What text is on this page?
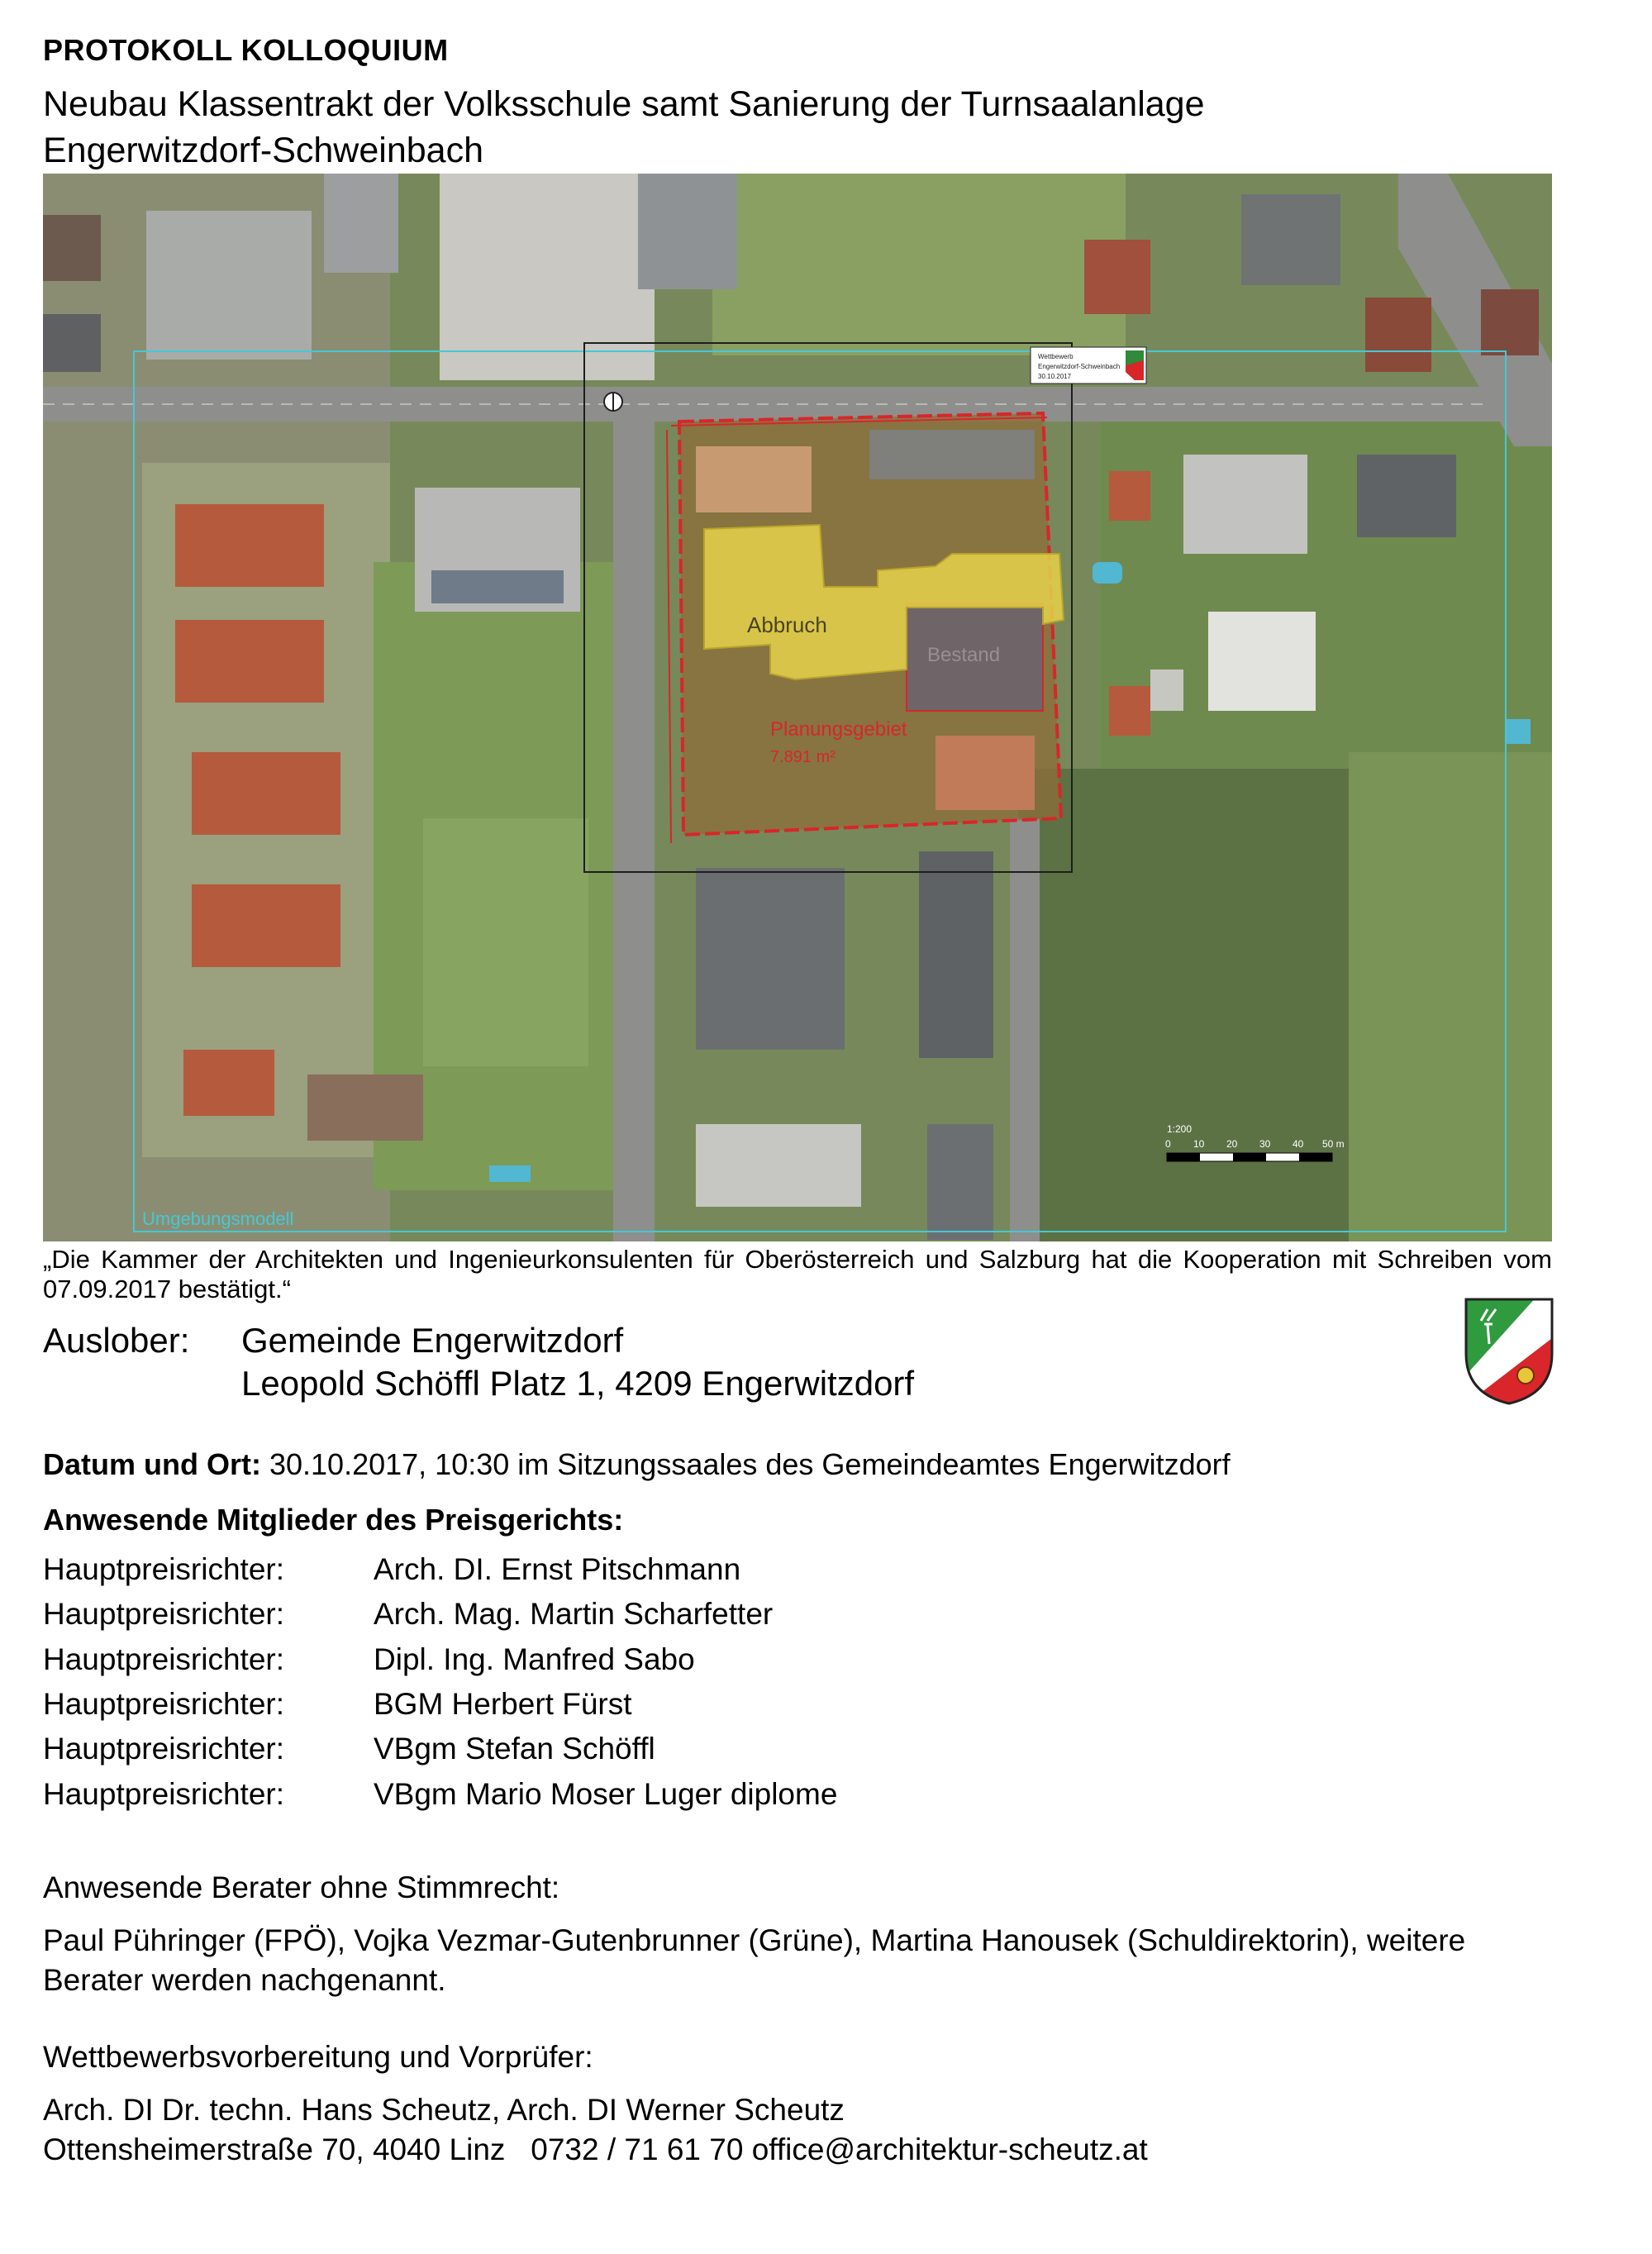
PROTOKOLL KOLLOQUIUM
Neubau Klassentrakt der Volksschule samt Sanierung der Turnsaalanlage
Engerwitzdorf-Schweinbach
Abbruch
Bestand
Planungsgebiet
7.891 m²
Umgebungsmodell
Wettbewerb
Engerwitzdorf-Schweinbach
30.10.2017
1:200
0 10 20 30 40 50 m
„Die Kammer der Architekten und Ingenieurkonsulenten für Oberösterreich und Salzburg hat die Kooperation mit Schreiben vom 07.09.2017 bestätigt.“
Auslober: Gemeinde Engerwitzdorf
Leopold Schöffl Platz 1, 4209 Engerwitzdorf
Datum und Ort: 30.10.2017, 10:30 im Sitzungssaales des Gemeindeamtes Engerwitzdorf
Anwesende Mitglieder des Preisgerichts:
Hauptpreisrichter:	Arch. DI. Ernst Pitschmann
Hauptpreisrichter:	Arch. Mag. Martin Scharfetter
Hauptpreisrichter:	Dipl. Ing. Manfred Sabo
Hauptpreisrichter:	BGM Herbert Fürst
Hauptpreisrichter:	VBgm Stefan Schöffl
Hauptpreisrichter:	VBgm Mario Moser Luger diplome
Anwesende Berater ohne Stimmrecht:
Paul Pühringer (FPÖ), Vojka Vezmar-Gutenbrunner (Grüne), Martina Hanousek (Schuldirektorin), weitere Berater werden nachgenannt.
Wettbewerbsvorbereitung und Vorprüfer:
Arch. DI Dr. techn. Hans Scheutz, Arch. DI Werner Scheutz
Ottensheimerstraße 70, 4040 Linz   0732 / 71 61 70 office@architektur-scheutz.at
